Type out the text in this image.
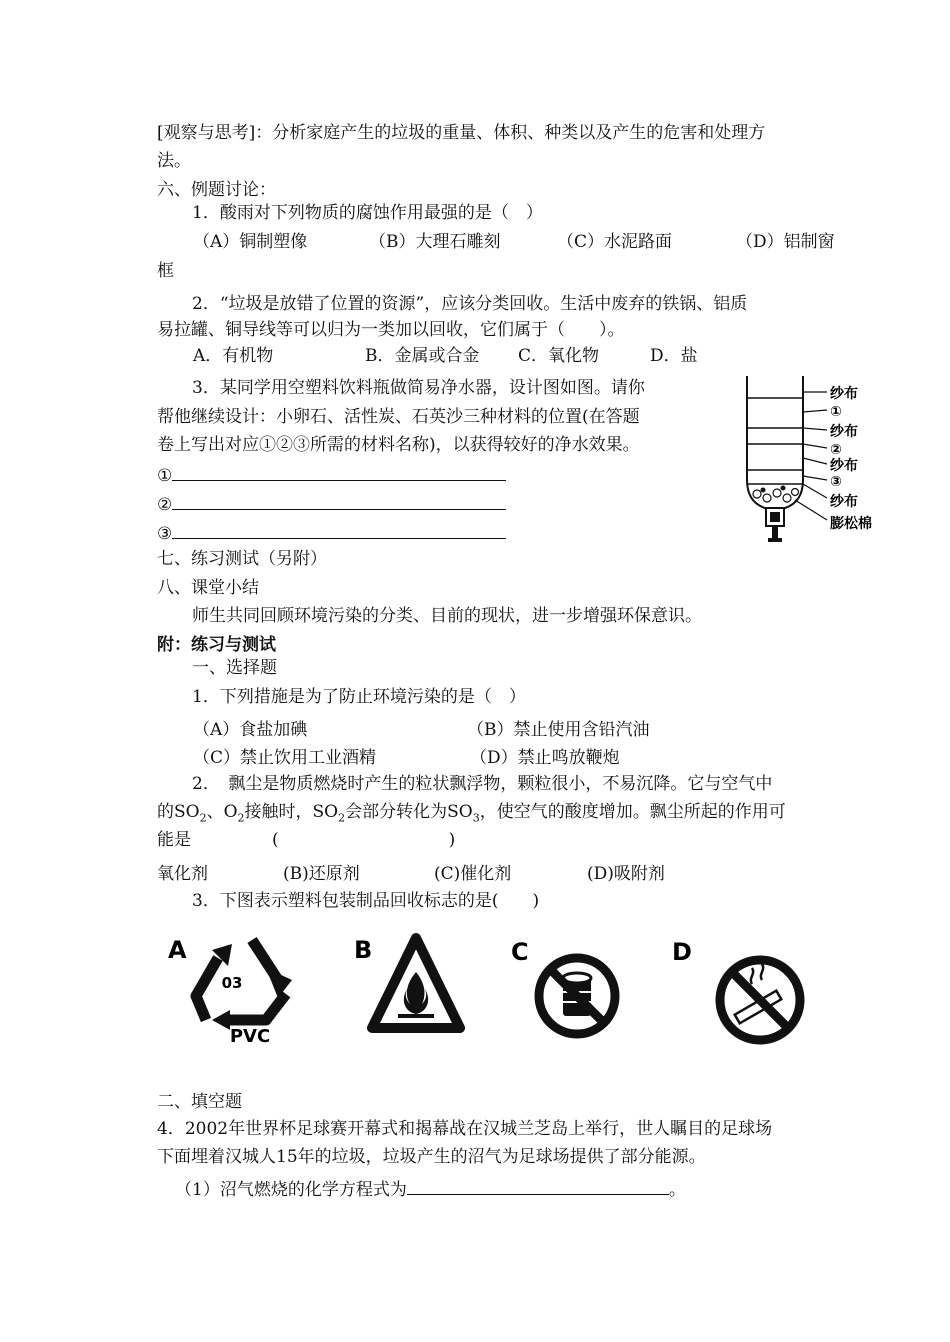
[观察与思考]：分析家庭产生的垃圾的重量、体积、种类以及产生的危害和处理方
法。
六、例题讨论：
1．酸雨对下列物质的腐蚀作用最强的是（　）
（A）铜制塑像	（B）大理石雕刻	（C）水泥路面	（D）铝制窗
框
2．“垃圾是放错了位置的资源”，应该分类回收。生活中废弃的铁锅、铝质
易拉罐、铜导线等可以归为一类加以回收，它们属于（　　）。
A．有机物	B．金属或合金 C．氧化物	D．盐
3．某同学用空塑料饮料瓶做简易净水器，设计图如图。请你
帮他继续设计：小卵石、活性炭、石英沙三种材料的位置(在答题
卷上写出对应①②③所需的材料名称)，以获得较好的净水效果。
①
②
③
纱布
①
纱布
②
纱布
③
纱布
膨松棉
七、练习测试（另附）
八、课堂小结
师生共同回顾环境污染的分类、目前的现状，进一步增强环保意识。
附：练习与测试
一、选择题
1．下列措施是为了防止环境污染的是（　）
（A）食盐加碘	（B）禁止使用含铅汽油
（C）禁止饮用工业酒精	（D）禁止鸣放鞭炮
2．　飘尘是物质燃烧时产生的粒状飘浮物，颗粒很小，不易沉降。它与空气中
的$SO_2$、$O_2$接触时，$SO_2$会部分转化为$SO_3$，使空气的酸度增加。飘尘所起的作用可
能是	(　　　　　　　　　　)
氧化剂	(B)还原剂	(C)催化剂	(D)吸附剂
3．下图表示塑料包装制品回收标志的是(　　)
A
03
PVC
B	C	D
二、填空题
4．2002年世界杯足球赛开幕式和揭幕战在汉城兰芝岛上举行，世人瞩目的足球场
下面埋着汉城人15年的垃圾，垃圾产生的沼气为足球场提供了部分能源。
（1）沼气燃烧的化学方程式为	。
